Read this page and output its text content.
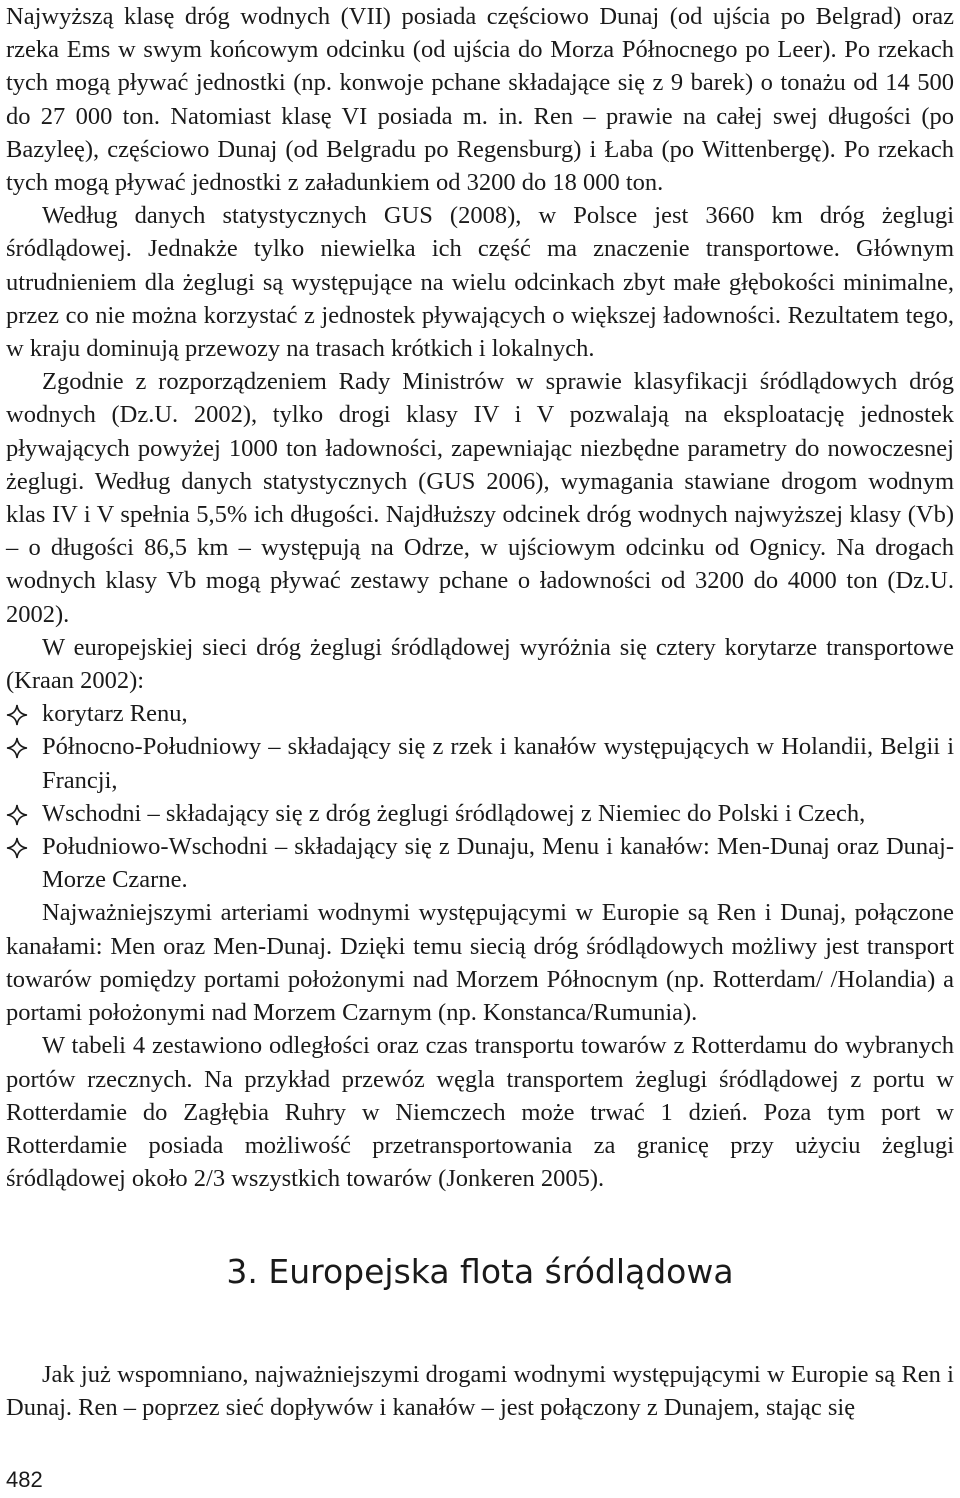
Najwyższą klasę dróg wodnych (VII) posiada częściowo Dunaj (od ujścia po Belgrad) oraz rzeka Ems w swym końcowym odcinku (od ujścia do Morza Północnego po Leer). Po rzekach tych mogą pływać jednostki (np. konwoje pchane składające się z 9 barek) o tonażu od 14 500 do 27 000 ton. Natomiast klasę VI posiada m. in. Ren – prawie na całej swej długości (po Bazyleę), częściowo Dunaj (od Belgradu po Regensburg) i Łaba (po Wittenbergę). Po rzekach tych mogą pływać jednostki z załadunkiem od 3200 do 18 000 ton.

Według danych statystycznych GUS (2008), w Polsce jest 3660 km dróg żeglugi śródlądowej. Jednakże tylko niewielka ich część ma znaczenie transportowe. Głównym utrudnieniem dla żeglugi są występujące na wielu odcinkach zbyt małe głębokości minimalne, przez co nie można korzystać z jednostek pływających o większej ładowności. Rezultatem tego, w kraju dominują przewozy na trasach krótkich i lokalnych.

Zgodnie z rozporządzeniem Rady Ministrów w sprawie klasyfikacji śródlądowych dróg wodnych (Dz.U. 2002), tylko drogi klasy IV i V pozwalają na eksploatację jednostek pływających powyżej 1000 ton ładowności, zapewniając niezbędne parametry do nowoczesnej żeglugi. Według danych statystycznych (GUS 2006), wymagania stawiane drogom wodnym klas IV i V spełnia 5,5% ich długości. Najdłuższy odcinek dróg wodnych najwyższej klasy (Vb) – o długości 86,5 km – występują na Odrze, w ujściowym odcinku od Ognicy. Na drogach wodnych klasy Vb mogą pływać zestawy pchane o ładowności od 3200 do 4000 ton (Dz.U. 2002).

W europejskiej sieci dróg żeglugi śródlądowej wyróżnia się cztery korytarze transportowe (Kraan 2002):

korytarz Renu,
Północno-Południowy – składający się z rzek i kanałów występujących w Holandii, Belgii i Francji,
Wschodni – składający się z dróg żeglugi śródlądowej z Niemiec do Polski i Czech,
Południowo-Wschodni – składający się z Dunaju, Menu i kanałów: Men-Dunaj oraz Dunaj-Morze Czarne.

Najważniejszymi arteriami wodnymi występującymi w Europie są Ren i Dunaj, połączone kanałami: Men oraz Men-Dunaj. Dzięki temu siecią dróg śródlądowych możliwy jest transport towarów pomiędzy portami położonymi nad Morzem Północnym (np. Rotterdam/ /Holandia) a portami położonymi nad Morzem Czarnym (np. Konstanca/Rumunia).

W tabeli 4 zestawiono odległości oraz czas transportu towarów z Rotterdamu do wybranych portów rzecznych. Na przykład przewóz węgla transportem żeglugi śródlądowej z portu w Rotterdamie do Zagłębia Ruhry w Niemczech może trwać 1 dzień. Poza tym port w Rotterdamie posiada możliwość przetransportowania za granicę przy użyciu żeglugi śródlądowej około 2/3 wszystkich towarów (Jonkeren 2005).

3. Europejska flota śródlądowa

Jak już wspomniano, najważniejszymi drogami wodnymi występującymi w Europie są Ren i Dunaj. Ren – poprzez sieć dopływów i kanałów – jest połączony z Dunajem, stając się

482
